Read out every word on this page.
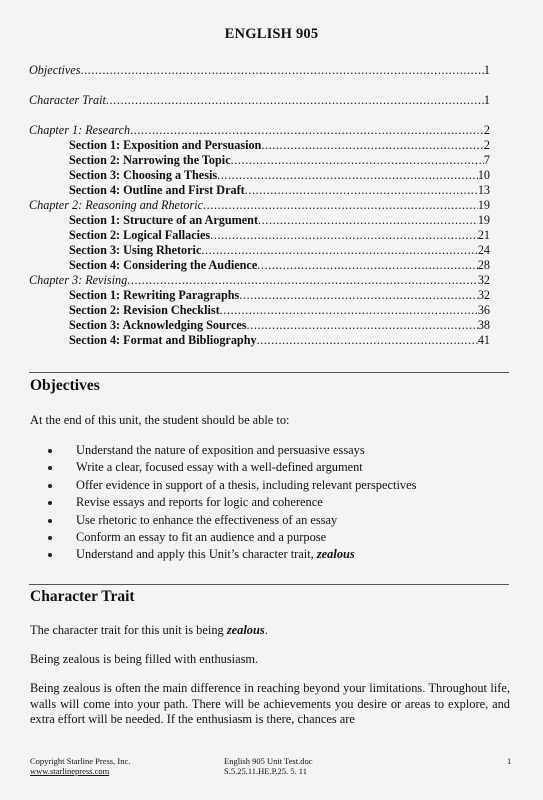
ENGLISH 905
Objectives .....	1
Character Trait .....	1
Chapter 1: Research .....	2
Section 1: Exposition and Persuasion .....	2
Section 2: Narrowing the Topic .....	7
Section 3: Choosing a Thesis .....	10
Section 4: Outline and First Draft .....	13
Chapter 2: Reasoning and Rhetoric .....	19
Section 1: Structure of an Argument .....	19
Section 2: Logical Fallacies .....	21
Section 3: Using Rhetoric .....	24
Section 4: Considering the Audience .....	28
Chapter 3: Revising .....	32
Section 1: Rewriting Paragraphs .....	32
Section 2: Revision Checklist .....	36
Section 3: Acknowledging Sources .....	38
Section 4: Format and Bibliography .....	41
Objectives
At the end of this unit, the student should be able to:
Understand the nature of exposition and persuasive essays
Write a clear, focused essay with a well-defined argument
Offer evidence in support of a thesis, including relevant perspectives
Revise essays and reports for logic and coherence
Use rhetoric to enhance the effectiveness of an essay
Conform an essay to fit an audience and a purpose
Understand and apply this Unit’s character trait, zealous
Character Trait
The character trait for this unit is being zealous.
Being zealous is being filled with enthusiasm.
Being zealous is often the main difference in reaching beyond your limitations. Throughout life, walls will come into your path. There will be achievements you desire or areas to explore, and extra effort will be needed. If the enthusiasm is there, chances are
Copyright Starline Press, Inc.
www.starlinepress.com
English 905 Unit Test.doc
S.5.25.11.HE.P.25. 5. 11
1
